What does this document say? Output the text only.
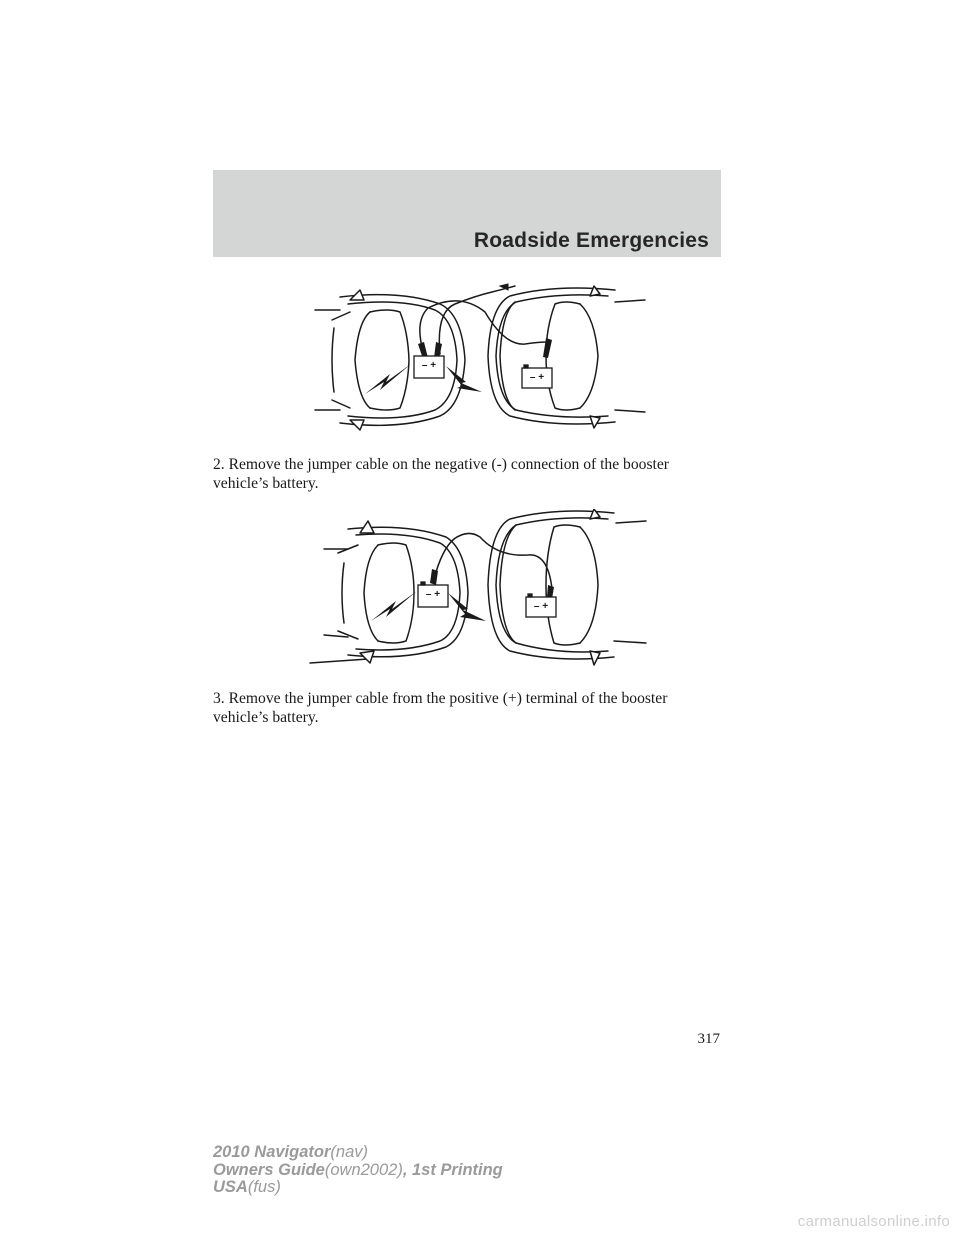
Roadside Emergencies
– +
– +

2. Remove the jumper cable on the negative (-) connection of the booster vehicle’s battery.

– +
– +

3. Remove the jumper cable from the positive (+) terminal of the booster vehicle’s battery.

317

2010 Navigator(nav)
Owners Guide(own2002), 1st Printing
USA(fus)
carmanualsonline.info
